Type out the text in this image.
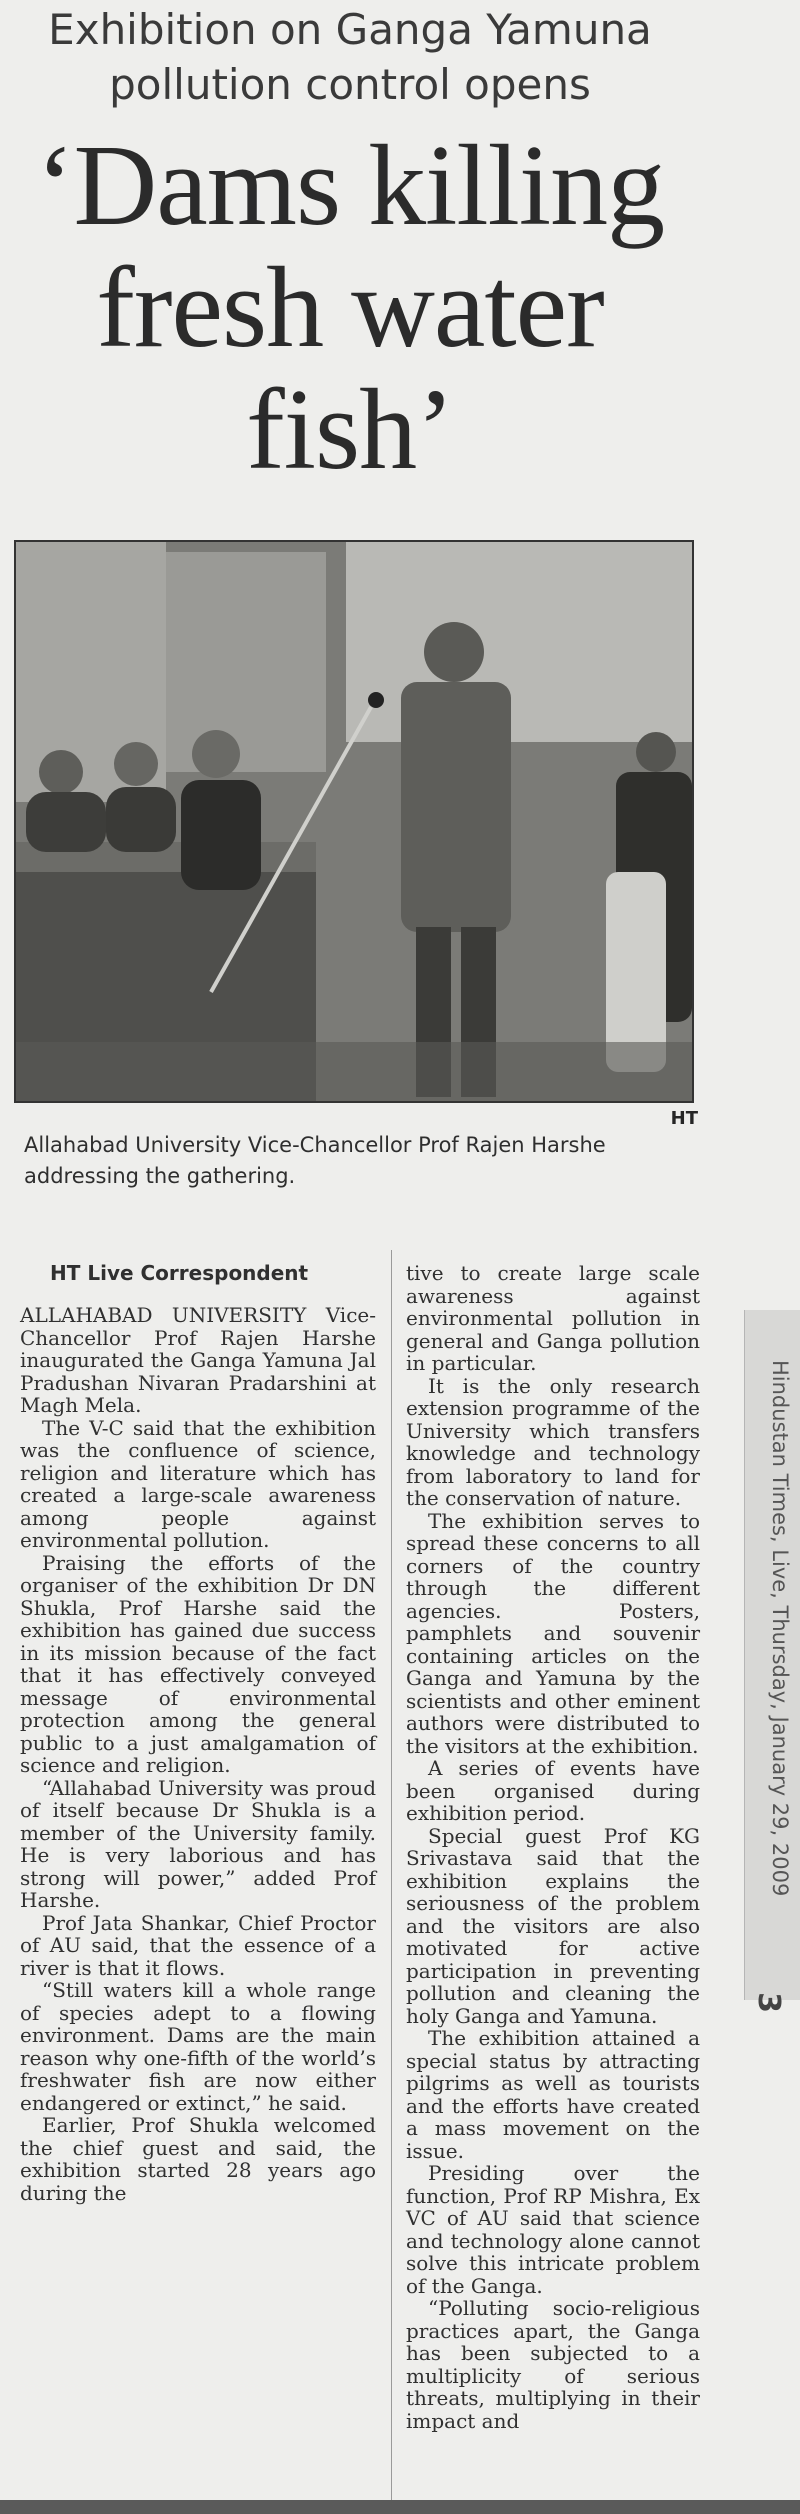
Exhibition on Ganga Yamuna pollution control opens
‘Dams killing fresh water fish’
HT
Allahabad University Vice-Chancellor Prof Rajen Harshe addressing the gathering.
HT Live Correspondent

ALLAHABAD UNIVERSITY Vice-Chancellor Prof Rajen Harshe inaugurated the Ganga Yamuna Jal Pradushan Nivaran Pradarshini at Magh Mela.

The V-C said that the exhibition was the confluence of science, religion and literature which has created a large-scale awareness among people against environmental pollution.

Praising the efforts of the organiser of the exhibition Dr DN Shukla, Prof Harshe said the exhibition has gained due success in its mission because of the fact that it has effectively conveyed message of environmental protection among the general public to a just amalgamation of science and religion.

“Allahabad University was proud of itself because Dr Shukla is a member of the University family. He is very laborious and has strong will power,” added Prof Harshe.

Prof Jata Shankar, Chief Proctor of AU said, that the essence of a river is that it flows.

“Still waters kill a whole range of species adept to a flowing environment. Dams are the main reason why one-fifth of the world’s freshwater fish are now either endangered or extinct,” he said.

Earlier, Prof Shukla welcomed the chief guest and said, the exhibition started 28 years ago during the

tive to create large scale awareness against environmental pollution in general and Ganga pollution in particular.

It is the only research extension programme of the University which transfers knowledge and technology from laboratory to land for the conservation of nature.

The exhibition serves to spread these concerns to all corners of the country through the different agencies. Posters, pamphlets and souvenir containing articles on the Ganga and Yamuna by the scientists and other eminent authors were distributed to the visitors at the exhibition.

A series of events have been organised during exhibition period.

Special guest Prof KG Srivastava said that the exhibition explains the seriousness of the problem and the visitors are also motivated for active participation in preventing pollution and cleaning the holy Ganga and Yamuna.

The exhibition attained a special status by attracting pilgrims as well as tourists and the efforts have created a mass movement on the issue.

Presiding over the function, Prof RP Mishra, Ex VC of AU said that science and technology alone cannot solve this intricate problem of the Ganga.

“Polluting socio-religious practices apart, the Ganga has been subjected to a multiplicity of serious threats, multiplying in their impact and

Hindustan Times, Live, Thursday, January 29, 2009
3
